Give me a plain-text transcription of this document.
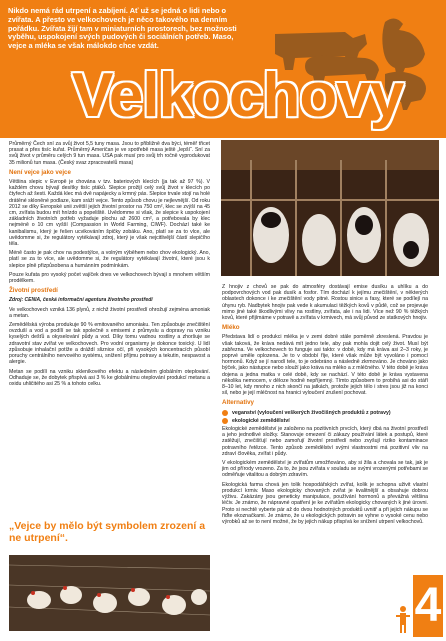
Nikdo nemá rád utrpení a zabíjení. Ať už se jedná o lidi nebo o zvířata. A přesto ve velkochovech je něco takového na denním pořádku. Zvířata žijí tam v miniaturních prostorech, bez možnosti vyběhu, uspokojení svých pudových či sociálních potřeb. Maso, vejce a mléka se však málokdo chce vzdát.

Velkochovy

Průměrný Čech sní za svůj život 5,5 tuny masa. Jsou to přibližně dva býci, téměř třicet prasat a přes tisíc kuřat. Průměrný Američan je ve spotřebě masa ještě „lepší“. Sní za svůj život v průměru celých 9 tun masa. USA pak musí pro svůj trh ročně vyprodukovat 35 milionů tun masa. (Český svaz zpracovatelů masa)

Není vejce jako vejce

Většina slepic v Evropě je chována v tzv. bateriových klecích (ja tak až 97 %). V každém chovu bývají desítky tisíc ptáků. Slepice prožijí celý svůj život v klecích po čtyřech až šesti. Každá klec má dvě napájecky a krmný pás. Slepice trvale stojí na holé drátěné skloněné podlaze, kam sráží vejce. Tento způsob chovu je nejlevnější. Od roku 2012 se díky Evropské unii zvětší jejich životní prostor na 750 cm², klec se zvýší na 45 cm, zvířata budou mít hnízdo a popeliště. Uvědomme si však, že slepice k uspokojení základních životních potřeb vyžaduje plochu až 2600 cm², a potřebovala by klec nejméně o 10 cm vyšší (Compassion in World Farming, CIWF). Dochází také ke kanibalismu, který je řešen ucvikováním špičky zobáku. Ano, platí se za to vlce, ale uvědomme si, že regulátory vytékávají zdroj, který je však nejcitlivější částí slepičího těla.

Méně často je pak chov na podestýlce, a volným výběhem nebo chov ekologický. Ano, platí se za to více, ale uvědomme si, že regulátory vytékávají životní, které jsou k slepice plně přizpůsobena a humánním podmínkám.

Pouze kuřata pro vysoký počet vajíček dnes ve velkochovech bývají s mnohem větším prodělkem.

Životní prostředí

Zdroj: CENIA, česká informační agentura životního prostředí

Ve velkochovech vzniká 136 plynů, z nichž životní prostředí ohrožují zejména amoniak a metan.

Zemědělská výroba produkuje 90 % emitovaného amoniaku. Ten způsobuje znečištění ovzduší a vod a podílí se tak společně s emisemi z průmyslu a dopravy na vzniku kyselých dešťů a okyselování půdy a vod. Díky tomu vadnou rostliny a zhoršuje se zdravotní stav zvířat ve velkochovech. Pro vodní organismy je dokonce toxický. U lidí způsobuje inhalační potíže a dráždí sliznice očí, při vysokých koncentracích působí poruchy centrálního nervového systému, snížení příjmu potravy a tekutin, nespavost a alergie.

Metan se podílí na vzniku skleníkového efektu a následném globálním oteplování. Odhaduje se, že dobytek přispívá asi 3 % ke globálnímu oteplování produkcí metanu a oxidu uhličitého asi 25 % a tohoto celku.

„Vejce by mělo být symbolem zrození a ne utrpení“.

Z hnojiv z chovů se pak do atmosféry dostávají emise dusíku a uhlíku a do podpovrchových vod pak dusík a fosfor. Tím dochází k jejímu znečištění, v některých oblastech dokonce i ke znečištění vody pitné. Rostou sinice a řasy, které se podílejí na úhynu ryb. Nadbytek hnojiv pak vede k akumulaci těžkých kovů v půdě, což se projevuje mimo jiné také škodlivými vlivy na rostliny, zvířata, ale i na lidi. Více než 90 % těžkých kovů, které přijímáme v potravě a zvířata v krmivech, má svůj původ ze statkových hnojiv.

Mléko

Představa lidí o produkci mléka je v zemi dobré stále poměrně zkreslená. Pravdou je však taková, že kráva nedává mít jedno tele, aby pak mohla dojit celý život. Musí být zabřezna. Ve velkochovech to funguje asi takto: v době, kdy má kráva asi 2–3 roky, je poprvé uměle oplozena. Je to v období říje, které však může být vyvoláno i pomocí hormonů. Když se jí narodí tele, to je odebráno a následně zkrmováno. Je chováno jako býček, jako nástupce nebo slouží jako kráva na mléko a z mléčného. V této době je kráva dojena a jedna matka v celé době, kdy se nachází. V této době je kráva vystavena několika nemocem, v děloze hodně nepříjemný. Tímto způsobem to probíhá asi do stáří 8–10 let, kdy mnoho z nich skončí na jatkách, protože jejich tělo i stres jsou již na konci sil, nebo je její mléčnost na hranici vyloučení zrušení pochovat.

Alternativy
veganství (vyloučení veškerých živočišných produktů z potravy)
ekologické zemědělství

Ekologické zemědělství je založeno na pozitivních prvcích, který dbá na životní prostředí a jeho jednotlivé složky. Stanovuje omezení či zákazy používání látek a postupů, které zatěžují, znečišťují nebo zamořují životní prostředí nebo zvyšují riziko kontaminace potravního řetězce. Tento způsob zemědělství svými vlastnostmi má pozitivní vliv na zdraví člověka, zvířat i půdy.

V ekologickém zemědělství je zvířatům umožňováno, aby si žila a chovala se tak, jak je jim od přírody vrozeno. Za to, že jsou zvířata v souladu se svými vrozenými potřebami se odměňuje vitalitou a dobrým zdravím.

Ekologická farma chová jen tolik hospodářských zvířat, kolik je schopna uživit vlastní produkcí krmiv. Maso ekologicky chovaných zvířat je kvalitnější a obsahuje dobrou výživu. Zakázány jsou geneticky manipulace, používání hormonů a převážná většina léčiv. Je známo, že nápravné opatření je ke zvířatům ekologicky chovaných k jiné úrovni. Proto si nechtě vyberte pár až do dvou hodnotných produktů uvnitř a při jejich nákupu se řiďte ekoznačkami. Je známo, že u ekologických potravin se vyhne o vysoké cenu nebo výrobků až se to není možné, že by jejich nákup přispívá ke snížení utrpení velkochovů.

4
